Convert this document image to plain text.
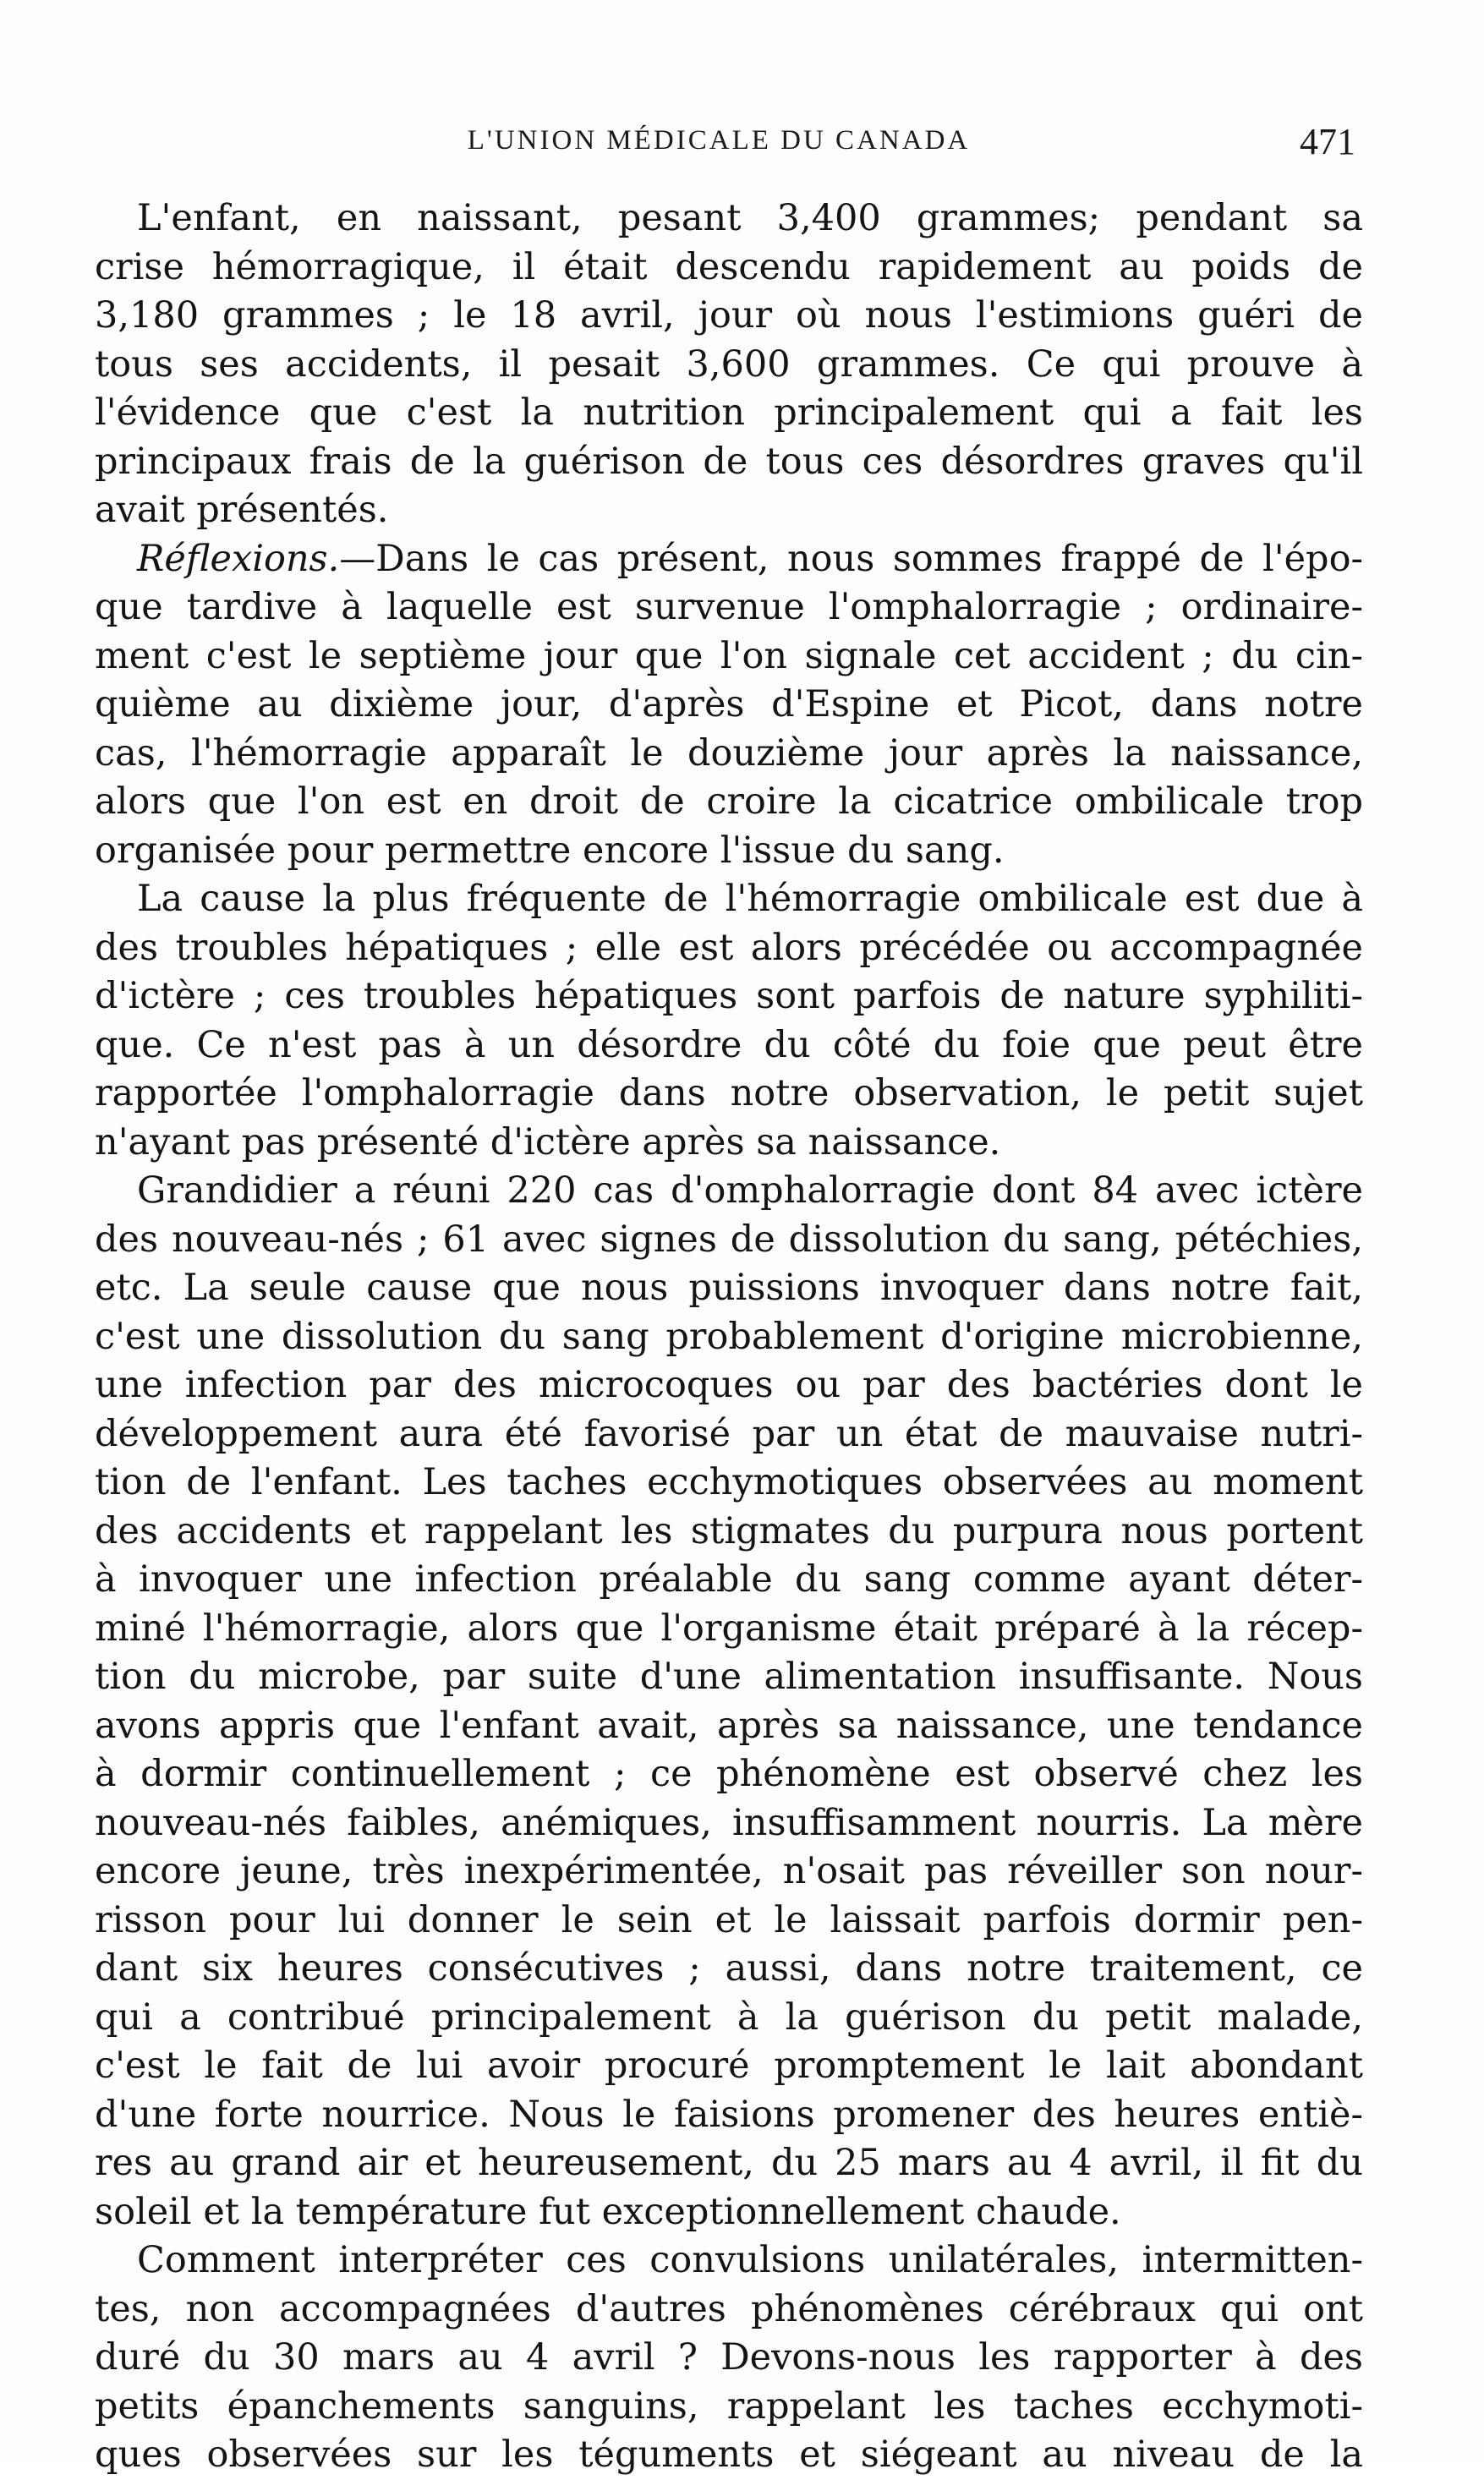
L'UNION MÉDICALE DU CANADA	471

L'enfant, en naissant, pesant 3,400 grammes; pendant sa
crise hémorragique, il était descendu rapidement au poids de
3,180 grammes ; le 18 avril, jour où nous l'estimions guéri de
tous ses accidents, il pesait 3,600 grammes. Ce qui prouve à
l'évidence que c'est la nutrition principalement qui a fait les
principaux frais de la guérison de tous ces désordres graves qu'il
avait présentés.

Réflexions.—Dans le cas présent, nous sommes frappé de l'épo-
que tardive à laquelle est survenue l'omphalorragie ; ordinaire-
ment c'est le septième jour que l'on signale cet accident ; du cin-
quième au dixième jour, d'après d'Espine et Picot, dans notre
cas, l'hémorragie apparaît le douzième jour après la naissance,
alors que l'on est en droit de croire la cicatrice ombilicale trop
organisée pour permettre encore l'issue du sang.

La cause la plus fréquente de l'hémorragie ombilicale est due à
des troubles hépatiques ; elle est alors précédée ou accompagnée
d'ictère ; ces troubles hépatiques sont parfois de nature syphiliti-
que. Ce n'est pas à un désordre du côté du foie que peut être
rapportée l'omphalorragie dans notre observation, le petit sujet
n'ayant pas présenté d'ictère après sa naissance.

Grandidier a réuni 220 cas d'omphalorragie dont 84 avec ictère
des nouveau-nés ; 61 avec signes de dissolution du sang, pétéchies,
etc. La seule cause que nous puissions invoquer dans notre fait,
c'est une dissolution du sang probablement d'origine microbienne,
une infection par des microcoques ou par des bactéries dont le
développement aura été favorisé par un état de mauvaise nutri-
tion de l'enfant. Les taches ecchymotiques observées au moment
des accidents et rappelant les stigmates du purpura nous portent
à invoquer une infection préalable du sang comme ayant déter-
miné l'hémorragie, alors que l'organisme était préparé à la récep-
tion du microbe, par suite d'une alimentation insuffisante. Nous
avons appris que l'enfant avait, après sa naissance, une tendance
à dormir continuellement ; ce phénomène est observé chez les
nouveau-nés faibles, anémiques, insuffisamment nourris. La mère
encore jeune, très inexpérimentée, n'osait pas réveiller son nour-
risson pour lui donner le sein et le laissait parfois dormir pen-
dant six heures consécutives ; aussi, dans notre traitement, ce
qui a contribué principalement à la guérison du petit malade,
c'est le fait de lui avoir procuré promptement le lait abondant
d'une forte nourrice. Nous le faisions promener des heures entiè-
res au grand air et heureusement, du 25 mars au 4 avril, il fit du
soleil et la température fut exceptionnellement chaude.

Comment interpréter ces convulsions unilatérales, intermitten-
tes, non accompagnées d'autres phénomènes cérébraux qui ont
duré du 30 mars au 4 avril ? Devons-nous les rapporter à des
petits épanchements sanguins, rappelant les taches ecchymoti-
ques observées sur les téguments et siégeant au niveau de la
